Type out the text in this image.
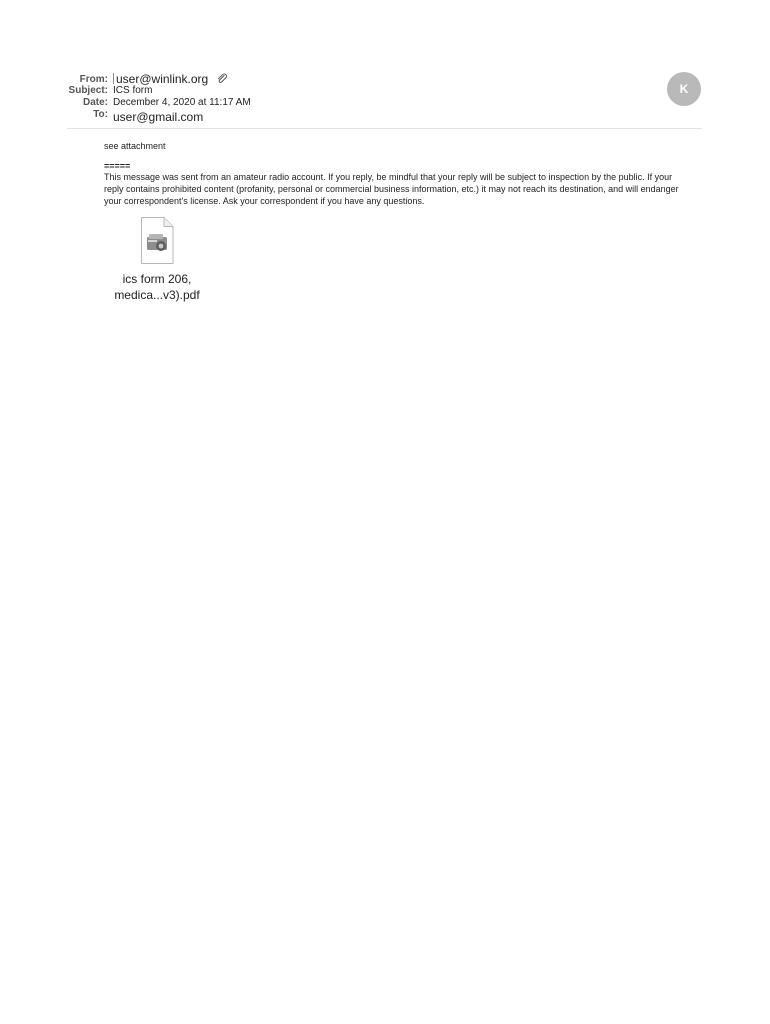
From: user@winlink.org
Subject: ICS form
Date: December 4, 2020 at 11:17 AM
To: user@gmail.com
K

see attachment

=====

This message was sent from an amateur radio account. If you reply, be mindful that your reply will be subject to inspection by the public. If your reply contains prohibited content (profanity, personal or commercial business information, etc.) it may not reach its destination, and will endanger your correspondent's license. Ask your correspondent if you have any questions.

ics form 206,
medica...v3).pdf
